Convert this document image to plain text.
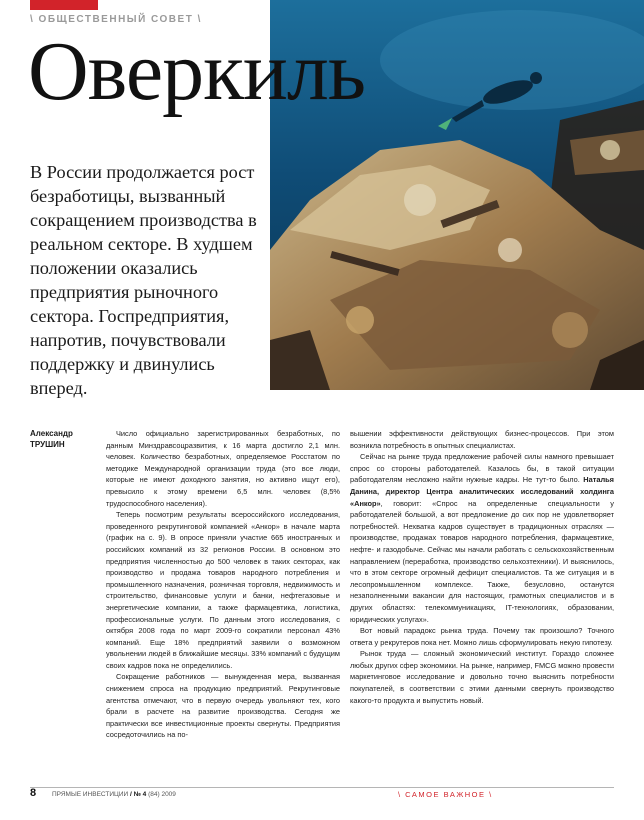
\ ОБЩЕСТВЕННЫЙ СОВЕТ \
Оверкиль
В России продолжается рост безработицы, вызванный сокращением производства в реальном секторе. В худшем положении оказались предприятия рыночного сектора. Госпредприятия, напротив, почувствовали поддержку и двинулись вперед.
Александр
ТРУШИН

Число официально зарегистрированных безработных, по данным Минздравсоцразвития, к 16 марта достигло 2,1 млн. человек. Количество безработных, определяемое Росстатом по методике Международной организации труда (это все люди, которые не имеют доходного занятия, но активно ищут его), превысило к этому времени 6,5 млн. человек (8,5% трудоспособного населения).

Теперь посмотрим результаты всероссийского исследования, проведенного рекрутинговой компанией «Анкор» в начале марта (график на с. 9). В опросе приняли участие 665 иностранных и российских компаний из 32 регионов России. В основном это предприятия численностью до 500 человек в таких секторах, как производство и продажа товаров народного потребления и промышленного назначения, розничная торговля, недвижимость и строительство, финансовые услуги и банки, нефтегазовые и энергетические компании, а также фармацевтика, логистика, профессиональные услуги. По данным этого исследования, с октября 2008 года по март 2009-го сократили персонал 43% компаний. Еще 18% предприятий заявили о возможном увольнении людей в ближайшие месяцы. 33% компаний с будущим своих кадров пока не определились.

Сокращение работников — вынужденная мера, вызванная снижением спроса на продукцию предприятий. Рекрутинговые агентства отмечают, что в первую очередь увольняют тех, кого брали в расчете на развитие производства. Сегодня же практически все инвестиционные проекты свернуты. Предприятия сосредоточились на по-

вышении эффективности действующих бизнес-процессов. При этом возникла потребность в опытных специалистах.

Сейчас на рынке труда предложение рабочей силы намного превышает спрос со стороны работодателей. Казалось бы, в такой ситуации работодателям несложно найти нужные кадры. Не тут-то было. Наталья Данина, директор Центра аналитических исследований холдинга «Анкор», говорит: «Спрос на определенные специальности у работодателей большой, а вот предложение до сих пор не удовлетворяет потребностей. Нехватка кадров существует в традиционных отраслях — производстве, продажах товаров народного потребления, фармацевтике, нефте- и газодобыче. Сейчас мы начали работать с сельскохозяйственным направлением (переработка, производство сельхозтехники). И выяснилось, что в этом секторе огромный дефицит специалистов. Та же ситуация и в лесопромышленном комплексе. Также, безусловно, останутся незаполненными вакансии для настоящих, грамотных специалистов и в других областях: телекоммуникациях, IT-технологиях, образовании, юридических услугах».

Вот новый парадокс рынка труда. Почему так произошло? Точного ответа у рекрутеров пока нет. Можно лишь сформулировать некую гипотезу.

Рынок труда — сложный экономический институт. Гораздо сложнее любых других сфер экономики. На рынке, например, FMCG можно провести маркетинговое исследование и довольно точно выяснить потребности покупателей, в соответствии с этими данными свернуть производство какого-то продукта и выпустить новый.

8 ПРЯМЫЕ ИНВЕСТИЦИИ / № 4 (84) 2009	\ САМОЕ ВАЖНОЕ \
